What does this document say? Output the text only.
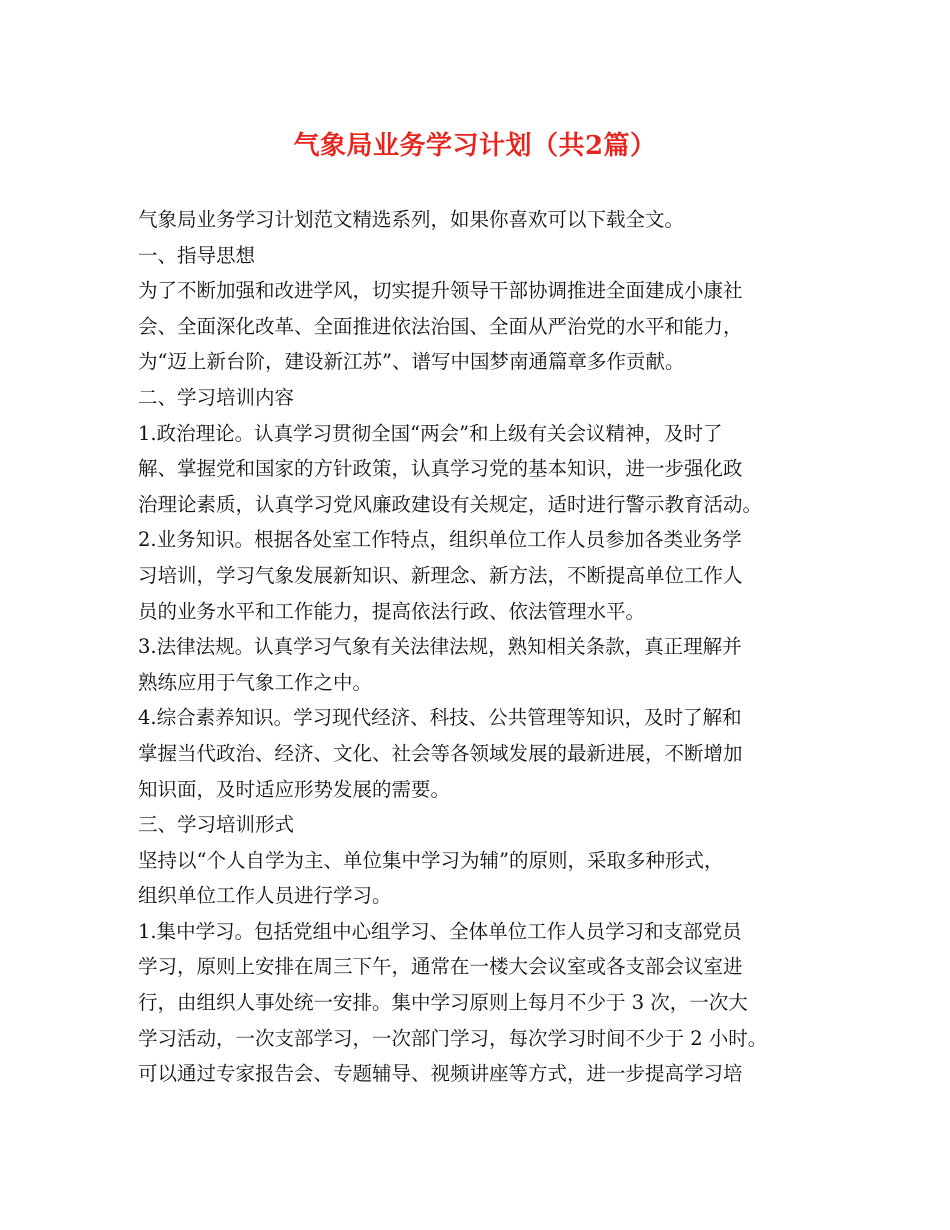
气象局业务学习计划（共2篇）
气象局业务学习计划范文精选系列，如果你喜欢可以下载全文。
一、指导思想
为了不断加强和改进学风，切实提升领导干部协调推进全面建成小康社
会、全面深化改革、全面推进依法治国、全面从严治党的水平和能力，
为“迈上新台阶，建设新江苏”、谱写中国梦南通篇章多作贡献。
二、学习培训内容
1.政治理论。认真学习贯彻全国“两会”和上级有关会议精神，及时了
解、掌握党和国家的方针政策，认真学习党的基本知识，进一步强化政
治理论素质，认真学习党风廉政建设有关规定，适时进行警示教育活动。
2.业务知识。根据各处室工作特点，组织单位工作人员参加各类业务学
习培训，学习气象发展新知识、新理念、新方法，不断提高单位工作人
员的业务水平和工作能力，提高依法行政、依法管理水平。
3.法律法规。认真学习气象有关法律法规，熟知相关条款，真正理解并
熟练应用于气象工作之中。
4.综合素养知识。学习现代经济、科技、公共管理等知识，及时了解和
掌握当代政治、经济、文化、社会等各领域发展的最新进展，不断增加
知识面，及时适应形势发展的需要。
三、学习培训形式
坚持以“个人自学为主、单位集中学习为辅”的原则，采取多种形式，
组织单位工作人员进行学习。
1.集中学习。包括党组中心组学习、全体单位工作人员学习和支部党员
学习，原则上安排在周三下午，通常在一楼大会议室或各支部会议室进
行，由组织人事处统一安排。集中学习原则上每月不少于 3 次，一次大
学习活动，一次支部学习，一次部门学习，每次学习时间不少于 2 小时。
可以通过专家报告会、专题辅导、视频讲座等方式，进一步提高学习培
